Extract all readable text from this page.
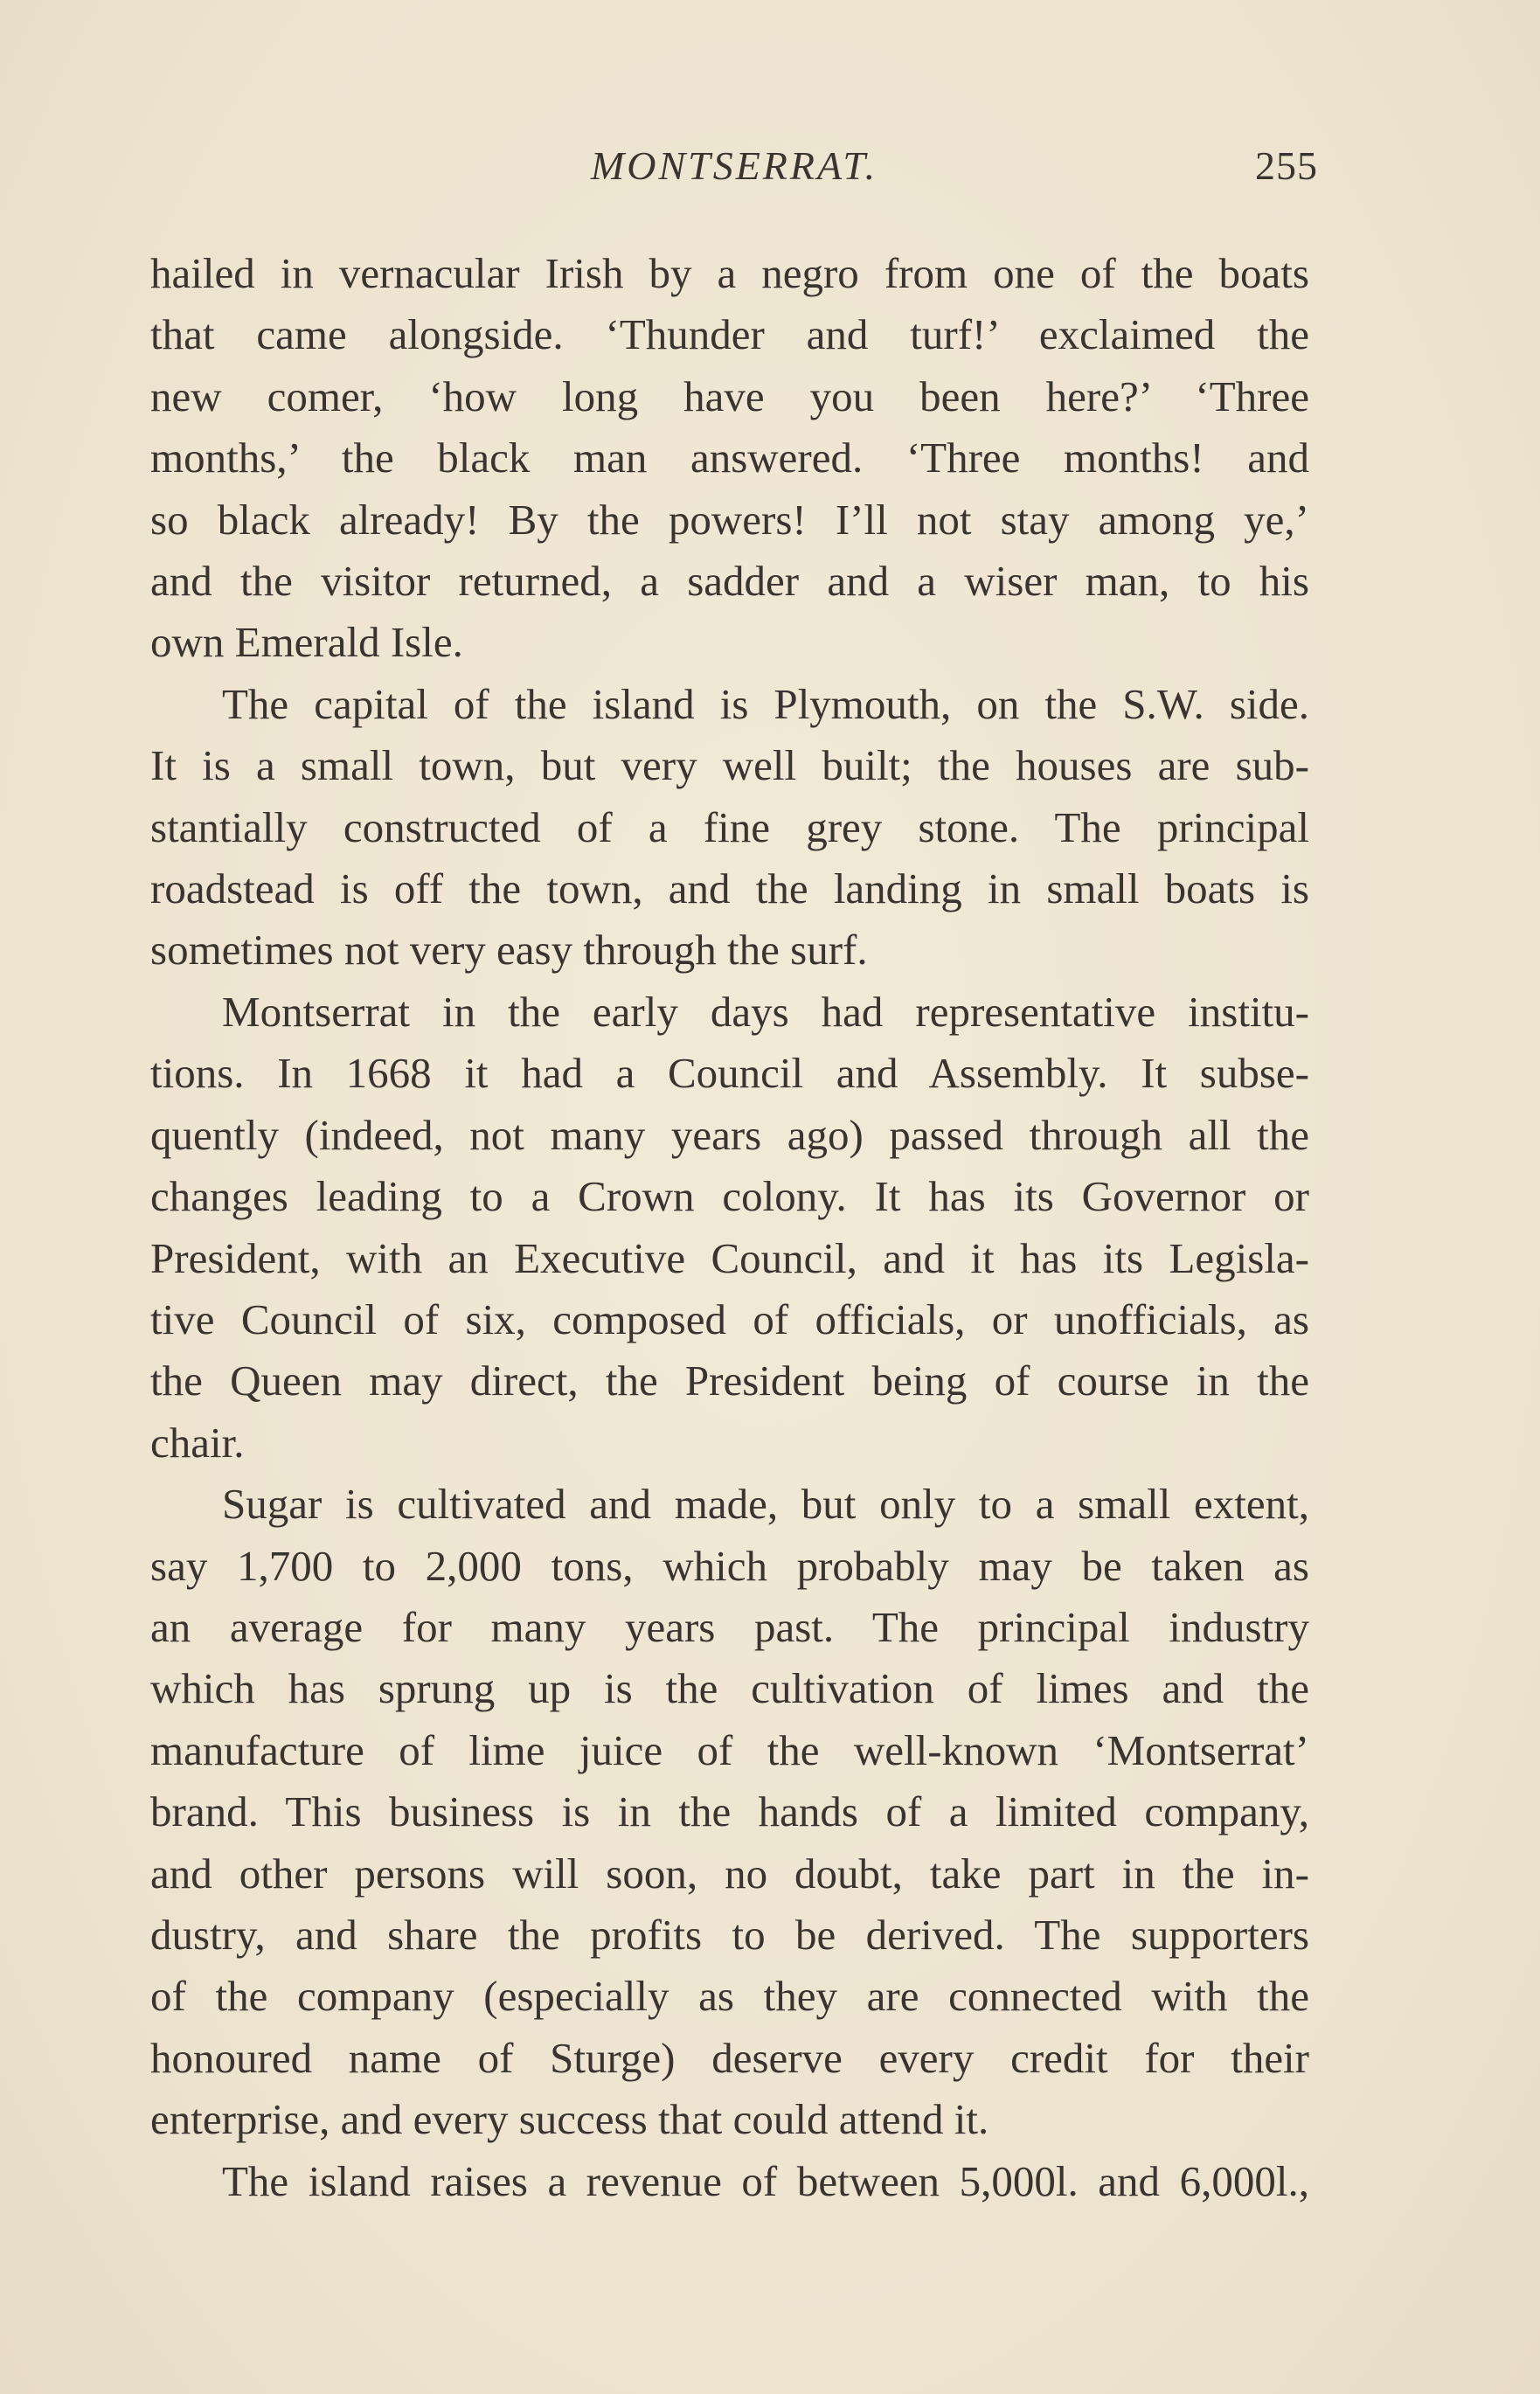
MONTSERRAT.	255
hailed in vernacular Irish by a negro from one of the boats
that came alongside. ‘Thunder and turf!’ exclaimed the
new comer, ‘how long have you been here?’ ‘Three
months,’ the black man answered. ‘Three months! and
so black already! By the powers! I’ll not stay among ye,’
and the visitor returned, a sadder and a wiser man, to his
own Emerald Isle.
The capital of the island is Plymouth, on the S.W. side.
It is a small town, but very well built; the houses are sub-
stantially constructed of a fine grey stone. The principal
roadstead is off the town, and the landing in small boats is
sometimes not very easy through the surf.
Montserrat in the early days had representative institu-
tions. In 1668 it had a Council and Assembly. It subse-
quently (indeed, not many years ago) passed through all the
changes leading to a Crown colony. It has its Governor or
President, with an Executive Council, and it has its Legisla-
tive Council of six, composed of officials, or unofficials, as
the Queen may direct, the President being of course in the
chair.
Sugar is cultivated and made, but only to a small extent,
say 1,700 to 2,000 tons, which probably may be taken as
an average for many years past. The principal industry
which has sprung up is the cultivation of limes and the
manufacture of lime juice of the well-known ‘Montserrat’
brand. This business is in the hands of a limited company,
and other persons will soon, no doubt, take part in the in-
dustry, and share the profits to be derived. The supporters
of the company (especially as they are connected with the
honoured name of Sturge) deserve every credit for their
enterprise, and every success that could attend it.
The island raises a revenue of between 5,000l. and 6,000l.,
